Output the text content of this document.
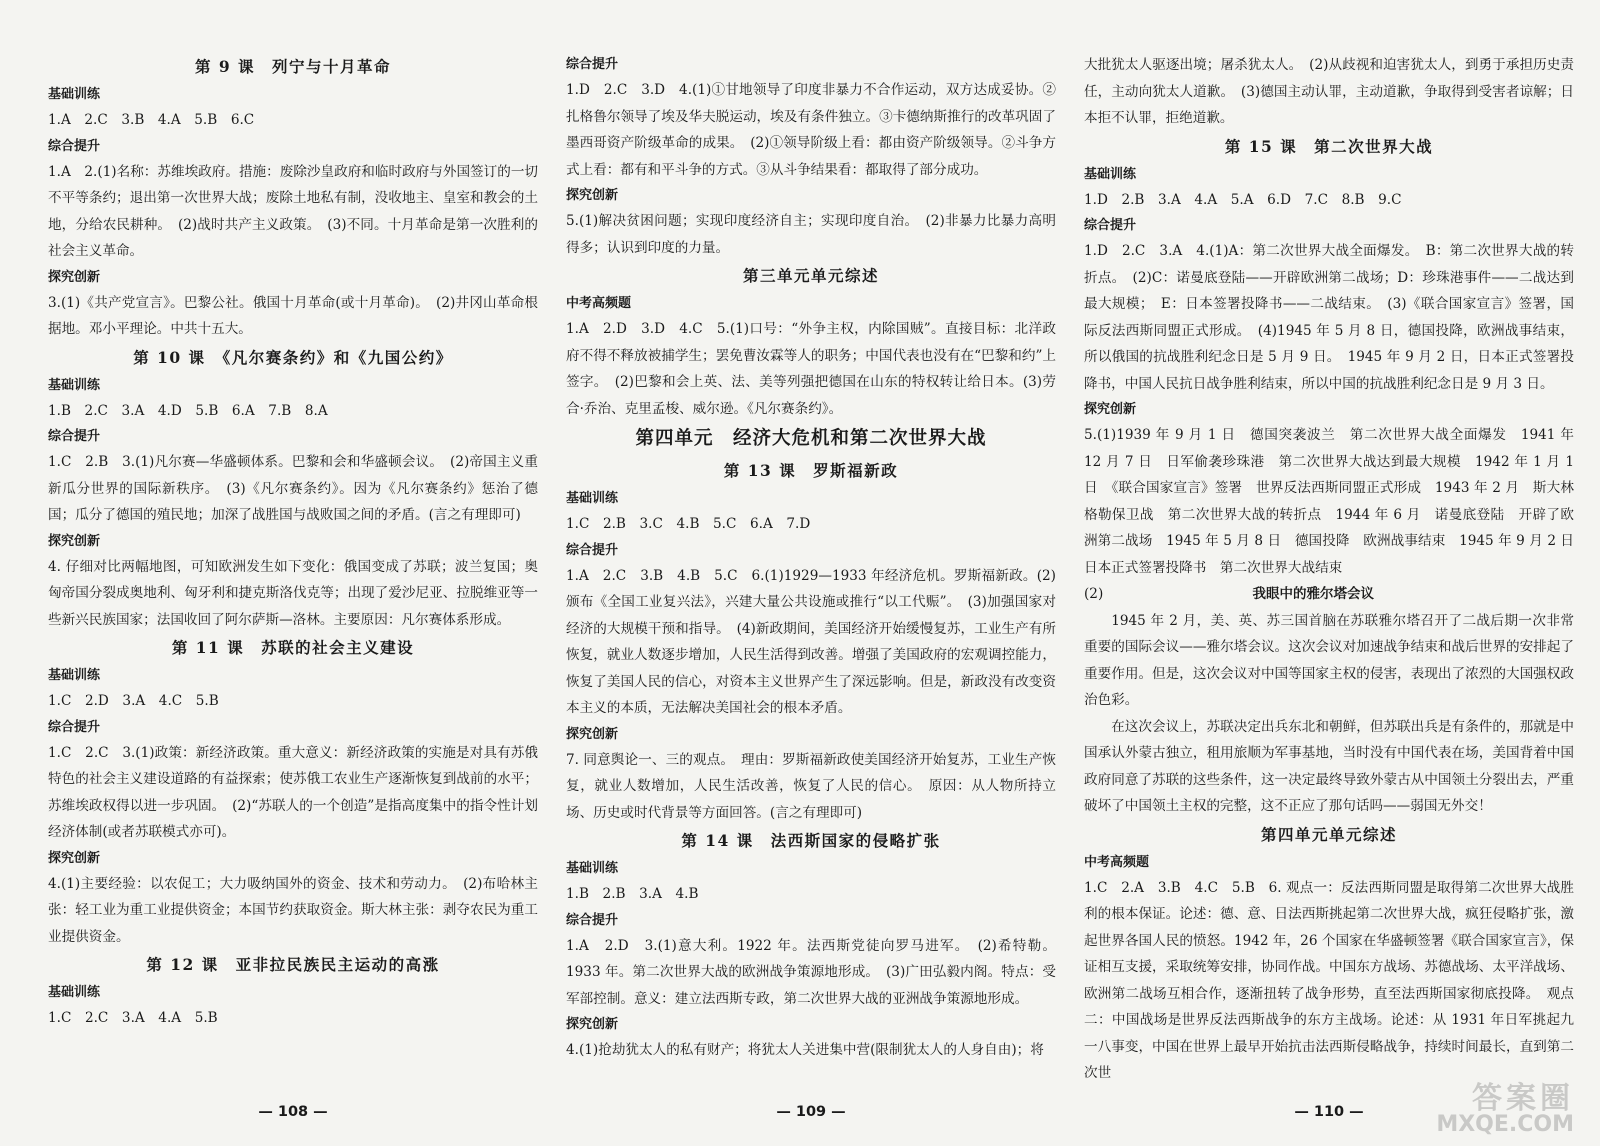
第 9 课　列宁与十月革命
基础训练
1.A　2.C　3.B　4.A　5.B　6.C
综合提升
1.A　2.(1)名称：苏维埃政府。措施：废除沙皇政府和临时政府与外国签订的一切不平等条约；退出第一次世界大战；废除土地私有制，没收地主、皇室和教会的土地，分给农民耕种。　(2)战时共产主义政策。　(3)不同。十月革命是第一次胜利的社会主义革命。
探究创新
3.(1)《共产党宣言》。巴黎公社。俄国十月革命(或十月革命)。　(2)井冈山革命根据地。邓小平理论。中共十五大。
第 10 课　《凡尔赛条约》和《九国公约》
基础训练
1.B　2.C　3.A　4.D　5.B　6.A　7.B　8.A
综合提升
1.C　2.B　3.(1)凡尔赛—华盛顿体系。巴黎和会和华盛顿会议。　(2)帝国主义重新瓜分世界的国际新秩序。　(3)《凡尔赛条约》。因为《凡尔赛条约》惩治了德国；瓜分了德国的殖民地；加深了战胜国与战败国之间的矛盾。(言之有理即可)
探究创新
4. 仔细对比两幅地图，可知欧洲发生如下变化：俄国变成了苏联；波兰复国；奥匈帝国分裂成奥地利、匈牙利和捷克斯洛伐克等；出现了爱沙尼亚、拉脱维亚等一些新兴民族国家；法国收回了阿尔萨斯—洛林。主要原因：凡尔赛体系形成。
第 11 课　苏联的社会主义建设
基础训练
1.C　2.D　3.A　4.C　5.B
综合提升
1.C　2.C　3.(1)政策：新经济政策。重大意义：新经济政策的实施是对具有苏俄特色的社会主义建设道路的有益探索；使苏俄工农业生产逐渐恢复到战前的水平；苏维埃政权得以进一步巩固。　(2)“苏联人的一个创造”是指高度集中的指令性计划经济体制(或者苏联模式亦可)。
探究创新
4.(1)主要经验：以农促工；大力吸纳国外的资金、技术和劳动力。　(2)布哈林主张：轻工业为重工业提供资金；本国节约获取资金。斯大林主张：剥夺农民为重工业提供资金。
第 12 课　亚非拉民族民主运动的高涨
基础训练
1.C　2.C　3.A　4.A　5.B
— 108 —
综合提升
1.D　2.C　3.D　4.(1)①甘地领导了印度非暴力不合作运动，双方达成妥协。②扎格鲁尔领导了埃及华夫脱运动，埃及有条件独立。③卡德纳斯推行的改革巩固了墨西哥资产阶级革命的成果。　(2)①领导阶级上看：都由资产阶级领导。②斗争方式上看：都有和平斗争的方式。③从斗争结果看：都取得了部分成功。
探究创新
5.(1)解决贫困问题；实现印度经济自主；实现印度自治。　(2)非暴力比暴力高明得多；认识到印度的力量。
第三单元单元综述
中考高频题
1.A　2.D　3.D　4.C　5.(1)口号：“外争主权，内除国贼”。直接目标：北洋政府不得不释放被捕学生；罢免曹汝霖等人的职务；中国代表也没有在“巴黎和约”上签字。　(2)巴黎和会上英、法、美等列强把德国在山东的特权转让给日本。(3)劳合·乔治、克里孟梭、威尔逊。《凡尔赛条约》。
第四单元　经济大危机和第二次世界大战
第 13 课　罗斯福新政
基础训练
1.C　2.B　3.C　4.B　5.C　6.A　7.D
综合提升
1.A　2.C　3.B　4.B　5.C　6.(1)1929—1933 年经济危机。罗斯福新政。(2)颁布《全国工业复兴法》，兴建大量公共设施或推行“以工代赈”。　(3)加强国家对经济的大规模干预和指导。　(4)新政期间，美国经济开始缓慢复苏，工业生产有所恢复，就业人数逐步增加，人民生活得到改善。增强了美国政府的宏观调控能力，恢复了美国人民的信心，对资本主义世界产生了深远影响。但是，新政没有改变资本主义的本质，无法解决美国社会的根本矛盾。
探究创新
7. 同意舆论一、三的观点。　理由：罗斯福新政使美国经济开始复苏，工业生产恢复，就业人数增加，人民生活改善，恢复了人民的信心。　原因：从人物所持立场、历史或时代背景等方面回答。(言之有理即可)
第 14 课　法西斯国家的侵略扩张
基础训练
1.B　2.B　3.A　4.B
综合提升
1.A　2.D　3.(1)意大利。1922 年。法西斯党徒向罗马进军。　(2)希特勒。1933 年。第二次世界大战的欧洲战争策源地形成。　(3)广田弘毅内阁。特点：受军部控制。意义：建立法西斯专政，第二次世界大战的亚洲战争策源地形成。
探究创新
4.(1)抢劫犹太人的私有财产；将犹太人关进集中营(限制犹太人的人身自由)；将
— 109 —
大批犹太人驱逐出境；屠杀犹太人。　(2)从歧视和迫害犹太人，到勇于承担历史责任，主动向犹太人道歉。　(3)德国主动认罪，主动道歉，争取得到受害者谅解；日本拒不认罪，拒绝道歉。
第 15 课　第二次世界大战
基础训练
1.D　2.B　3.A　4.A　5.A　6.D　7.C　8.B　9.C
综合提升
1.D　2.C　3.A　4.(1)A：第二次世界大战全面爆发。　B：第二次世界大战的转折点。　(2)C：诺曼底登陆——开辟欧洲第二战场；D：珍珠港事件——二战达到最大规模；　E：日本签署投降书——二战结束。　(3)《联合国家宣言》签署，国际反法西斯同盟正式形成。　(4)1945 年 5 月 8 日，德国投降，欧洲战事结束，所以俄国的抗战胜利纪念日是 5 月 9 日。　1945 年 9 月 2 日，日本正式签署投降书，中国人民抗日战争胜利结束，所以中国的抗战胜利纪念日是 9 月 3 日。
探究创新
5.(1)1939 年 9 月 1 日　德国突袭波兰　第二次世界大战全面爆发　1941 年 12 月 7 日　日军偷袭珍珠港　第二次世界大战达到最大规模　1942 年 1 月 1 日　《联合国家宣言》签署　世界反法西斯同盟正式形成　1943 年 2 月　斯大林格勒保卫战　第二次世界大战的转折点　1944 年 6 月　诺曼底登陆　开辟了欧洲第二战场　1945 年 5 月 8 日　德国投降　欧洲战事结束　1945 年 9 月 2 日　日本正式签署投降书　第二次世界大战结束
(2)	我眼中的雅尔塔会议
1945 年 2 月，美、英、苏三国首脑在苏联雅尔塔召开了二战后期一次非常重要的国际会议——雅尔塔会议。这次会议对加速战争结束和战后世界的安排起了重要作用。但是，这次会议对中国等国家主权的侵害，表现出了浓烈的大国强权政治色彩。
在这次会议上，苏联决定出兵东北和朝鲜，但苏联出兵是有条件的，那就是中国承认外蒙古独立，租用旅顺为军事基地，当时没有中国代表在场，美国背着中国政府同意了苏联的这些条件，这一决定最终导致外蒙古从中国领土分裂出去，严重破坏了中国领土主权的完整，这不正应了那句话吗——弱国无外交！
第四单元单元综述
中考高频题
1.C　2.A　3.B　4.C　5.B　6. 观点一：反法西斯同盟是取得第二次世界大战胜利的根本保证。论述：德、意、日法西斯挑起第二次世界大战，疯狂侵略扩张，激起世界各国人民的愤怒。1942 年，26 个国家在华盛顿签署《联合国家宣言》，保证相互支援，采取统筹安排，协同作战。中国东方战场、苏德战场、太平洋战场、欧洲第二战场互相合作，逐渐扭转了战争形势，直至法西斯国家彻底投降。　观点二：中国战场是世界反法西斯战争的东方主战场。论述：从 1931 年日军挑起九一八事变，中国在世界上最早开始抗击法西斯侵略战争，持续时间最长，直到第二次世
— 110 —	答案圈
MXQE.COM
